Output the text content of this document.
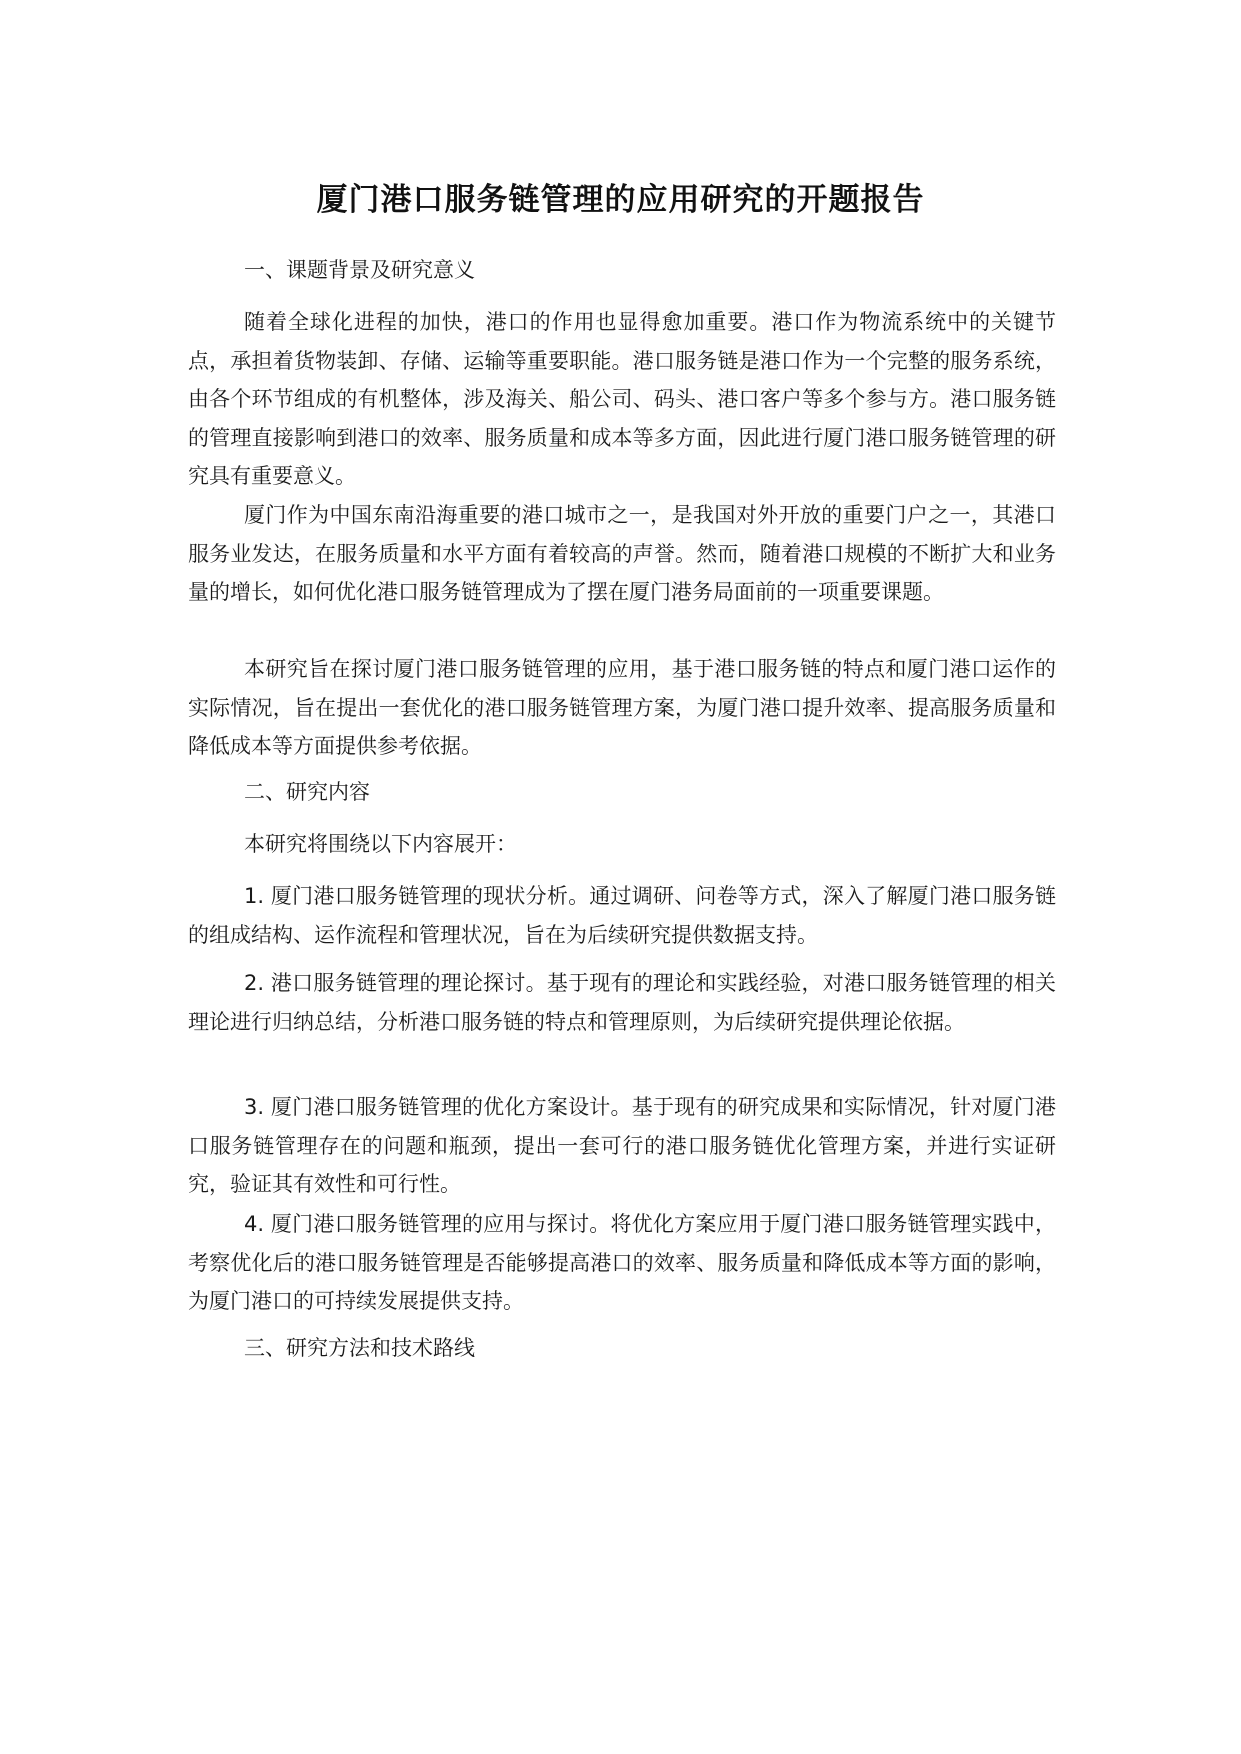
厦门港口服务链管理的应用研究的开题报告

一、课题背景及研究意义

随着全球化进程的加快，港口的作用也显得愈加重要。港口作为物流系统中的关键节点，承担着货物装卸、存储、运输等重要职能。港口服务链是港口作为一个完整的服务系统，由各个环节组成的有机整体，涉及海关、船公司、码头、港口客户等多个参与方。港口服务链的管理直接影响到港口的效率、服务质量和成本等多方面，因此进行厦门港口服务链管理的研究具有重要意义。

厦门作为中国东南沿海重要的港口城市之一，是我国对外开放的重要门户之一，其港口服务业发达，在服务质量和水平方面有着较高的声誉。然而，随着港口规模的不断扩大和业务量的增长，如何优化港口服务链管理成为了摆在厦门港务局面前的一项重要课题。

本研究旨在探讨厦门港口服务链管理的应用，基于港口服务链的特点和厦门港口运作的实际情况，旨在提出一套优化的港口服务链管理方案，为厦门港口提升效率、提高服务质量和降低成本等方面提供参考依据。

二、研究内容

本研究将围绕以下内容展开：

1. 厦门港口服务链管理的现状分析。通过调研、问卷等方式，深入了解厦门港口服务链的组成结构、运作流程和管理状况，旨在为后续研究提供数据支持。

2. 港口服务链管理的理论探讨。基于现有的理论和实践经验，对港口服务链管理的相关理论进行归纳总结，分析港口服务链的特点和管理原则，为后续研究提供理论依据。

3. 厦门港口服务链管理的优化方案设计。基于现有的研究成果和实际情况，针对厦门港口服务链管理存在的问题和瓶颈，提出一套可行的港口服务链优化管理方案，并进行实证研究，验证其有效性和可行性。

4. 厦门港口服务链管理的应用与探讨。将优化方案应用于厦门港口服务链管理实践中，考察优化后的港口服务链管理是否能够提高港口的效率、服务质量和降低成本等方面的影响，为厦门港口的可持续发展提供支持。

三、研究方法和技术路线
